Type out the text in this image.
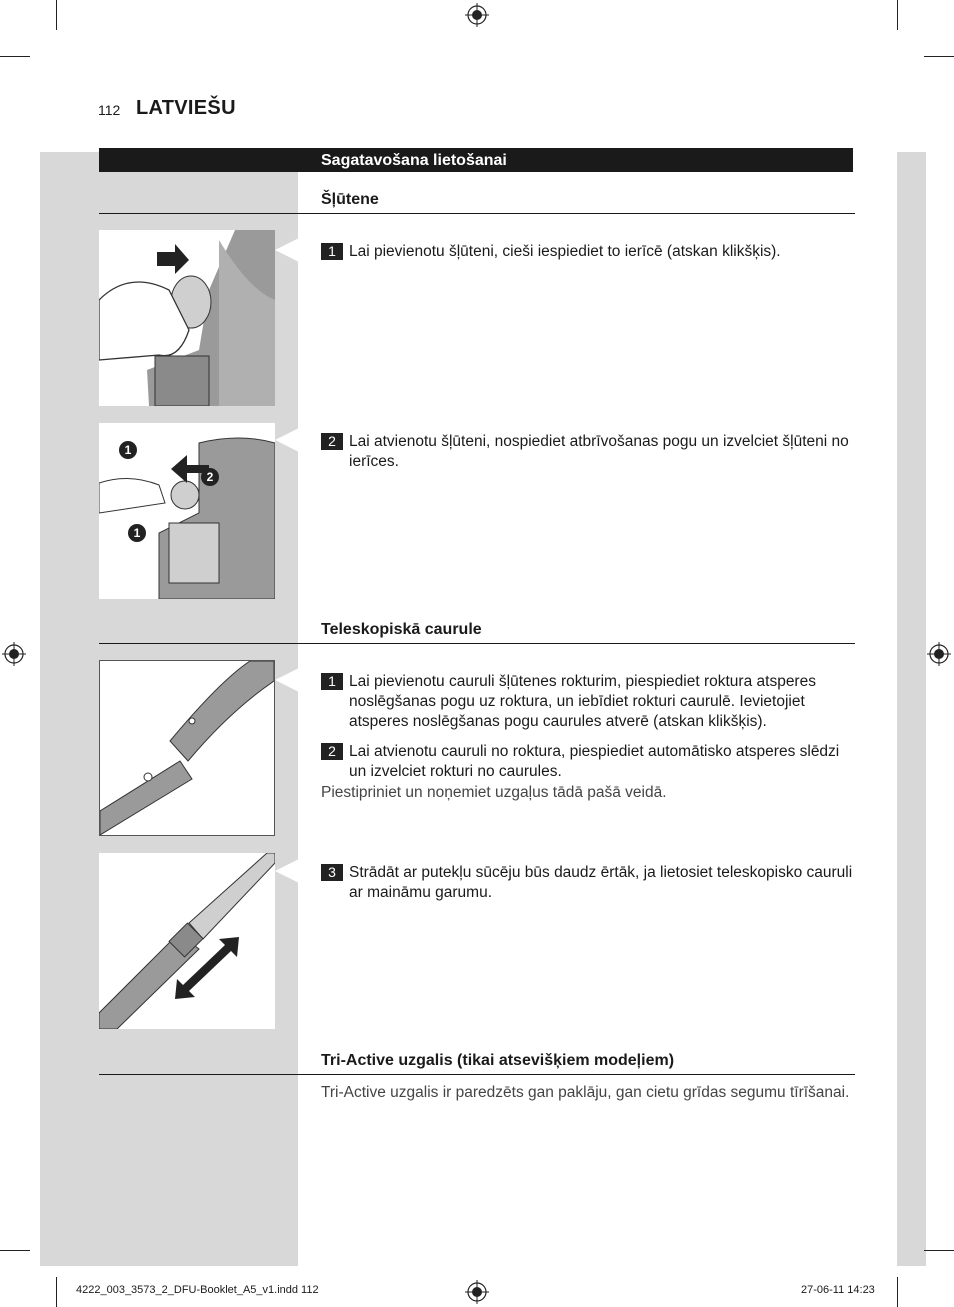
112 LATVIEŠU
Sagatavošana lietošanai
Šļūtene
1 Lai pievienotu šļūteni, cieši iespiediet to ierīcē (atskan klikšķis).
1
2
1
2 Lai atvienotu šļūteni, nospiediet atbrīvošanas pogu un izvelciet šļūteni no ierīces.
Teleskopiskā caurule
1 Lai pievienotu cauruli šļūtenes rokturim, piespiediet roktura atsperes noslēgšanas pogu uz roktura, un iebīdiet rokturi caurulē. Ievietojiet atsperes noslēgšanas pogu caurules atverē (atskan klikšķis).
2 Lai atvienotu cauruli no roktura, piespiediet automātisko atsperes slēdzi un izvelciet rokturi no caurules.
Piestipriniet un noņemiet uzgaļus tādā pašā veidā.
3 Strādāt ar putekļu sūcēju būs daudz ērtāk, ja lietosiet teleskopisko cauruli ar maināmu garumu.
Tri-Active uzgalis (tikai atsevišķiem modeļiem)
Tri-Active uzgalis ir paredzēts gan paklāju, gan cietu grīdas segumu tīrīšanai.
4222_003_3573_2_DFU-Booklet_A5_v1.indd 112	27-06-11 14:23
